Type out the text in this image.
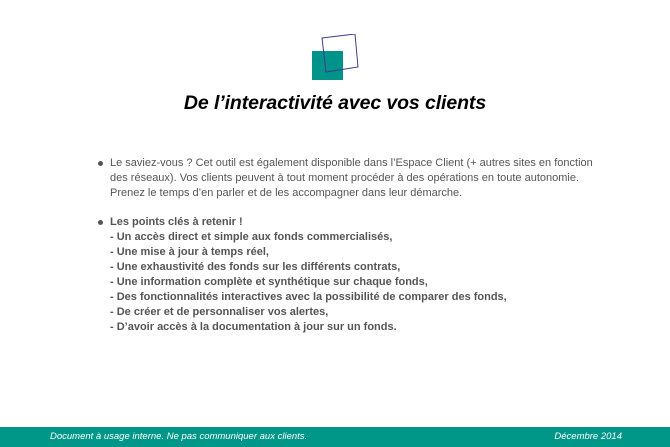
De l’interactivité avec vos clients
Le saviez-vous ? Cet outil est également disponible dans l’Espace Client (+ autres sites en fonction des réseaux). Vos clients peuvent à tout moment procéder à des opérations en toute autonomie. Prenez le temps d’en parler et de les accompagner dans leur démarche.
Les points clés à retenir !
- Un accès direct et simple aux fonds commercialisés,
- Une mise à jour à temps réel,
- Une exhaustivité des fonds sur les différents contrats,
- Une information complète et synthétique sur chaque fonds,
- Des fonctionnalités interactives avec la possibilité de comparer des fonds,
- De créer et de personnaliser vos alertes,
- D’avoir accès à la documentation à jour sur un fonds.
Document à usage interne. Ne pas communiquer aux clients.	Décembre 2014
